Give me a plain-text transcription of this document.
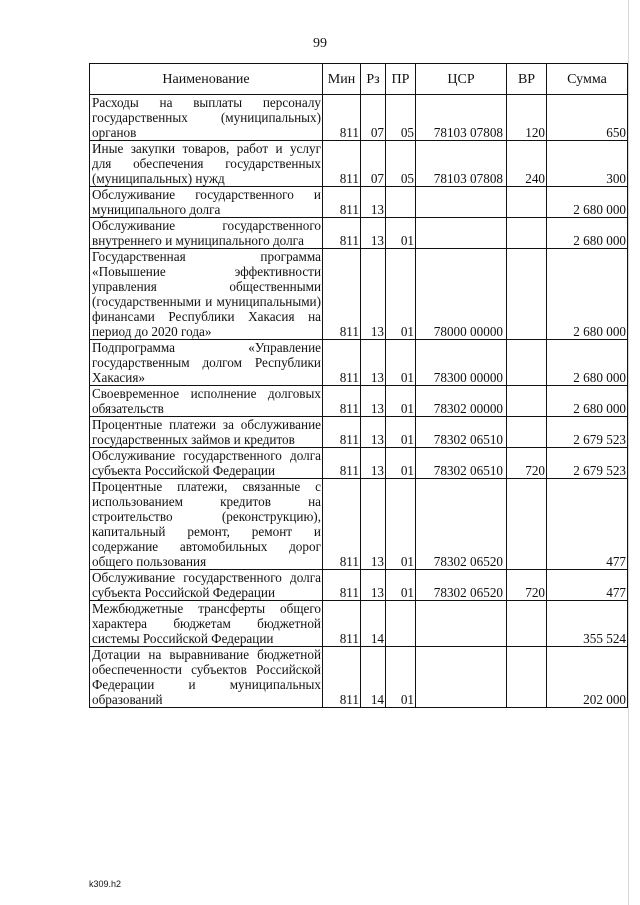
99
Наименование	Мин	Рз	ПР	ЦСР	ВР	Сумма
Расходы на выплаты персоналу государственных (муниципальных) органов	811	07	05	78103 07808	120	650
Иные закупки товаров, работ и услуг для обеспечения государственных (муниципальных) нужд	811	07	05	78103 07808	240	300
Обслуживание государственного и муниципального долга	811	13				2 680 000
Обслуживание государственного внутреннего и муниципального долга	811	13	01			2 680 000
Государственная программа «Повышение эффективности управления общественными (государственными и муниципальными) финансами Республики Хакасия на период до 2020 года»	811	13	01	78000 00000		2 680 000
Подпрограмма «Управление государственным долгом Республики Хакасия»	811	13	01	78300 00000		2 680 000
Своевременное исполнение долговых обязательств	811	13	01	78302 00000		2 680 000
Процентные платежи за обслуживание государственных займов и кредитов	811	13	01	78302 06510		2 679 523
Обслуживание государственного долга субъекта Российской Федерации	811	13	01	78302 06510	720	2 679 523
Процентные платежи, связанные с использованием кредитов на строительство (реконструкцию), капитальный ремонт, ремонт и содержание автомобильных дорог общего пользования	811	13	01	78302 06520		477
Обслуживание государственного долга субъекта Российской Федерации	811	13	01	78302 06520	720	477
Межбюджетные трансферты общего характера бюджетам бюджетной системы Российской Федерации	811	14				355 524
Дотации на выравнивание бюджетной обеспеченности субъектов Российской Федерации и муниципальных образований	811	14	01			202 000
k309.h2
